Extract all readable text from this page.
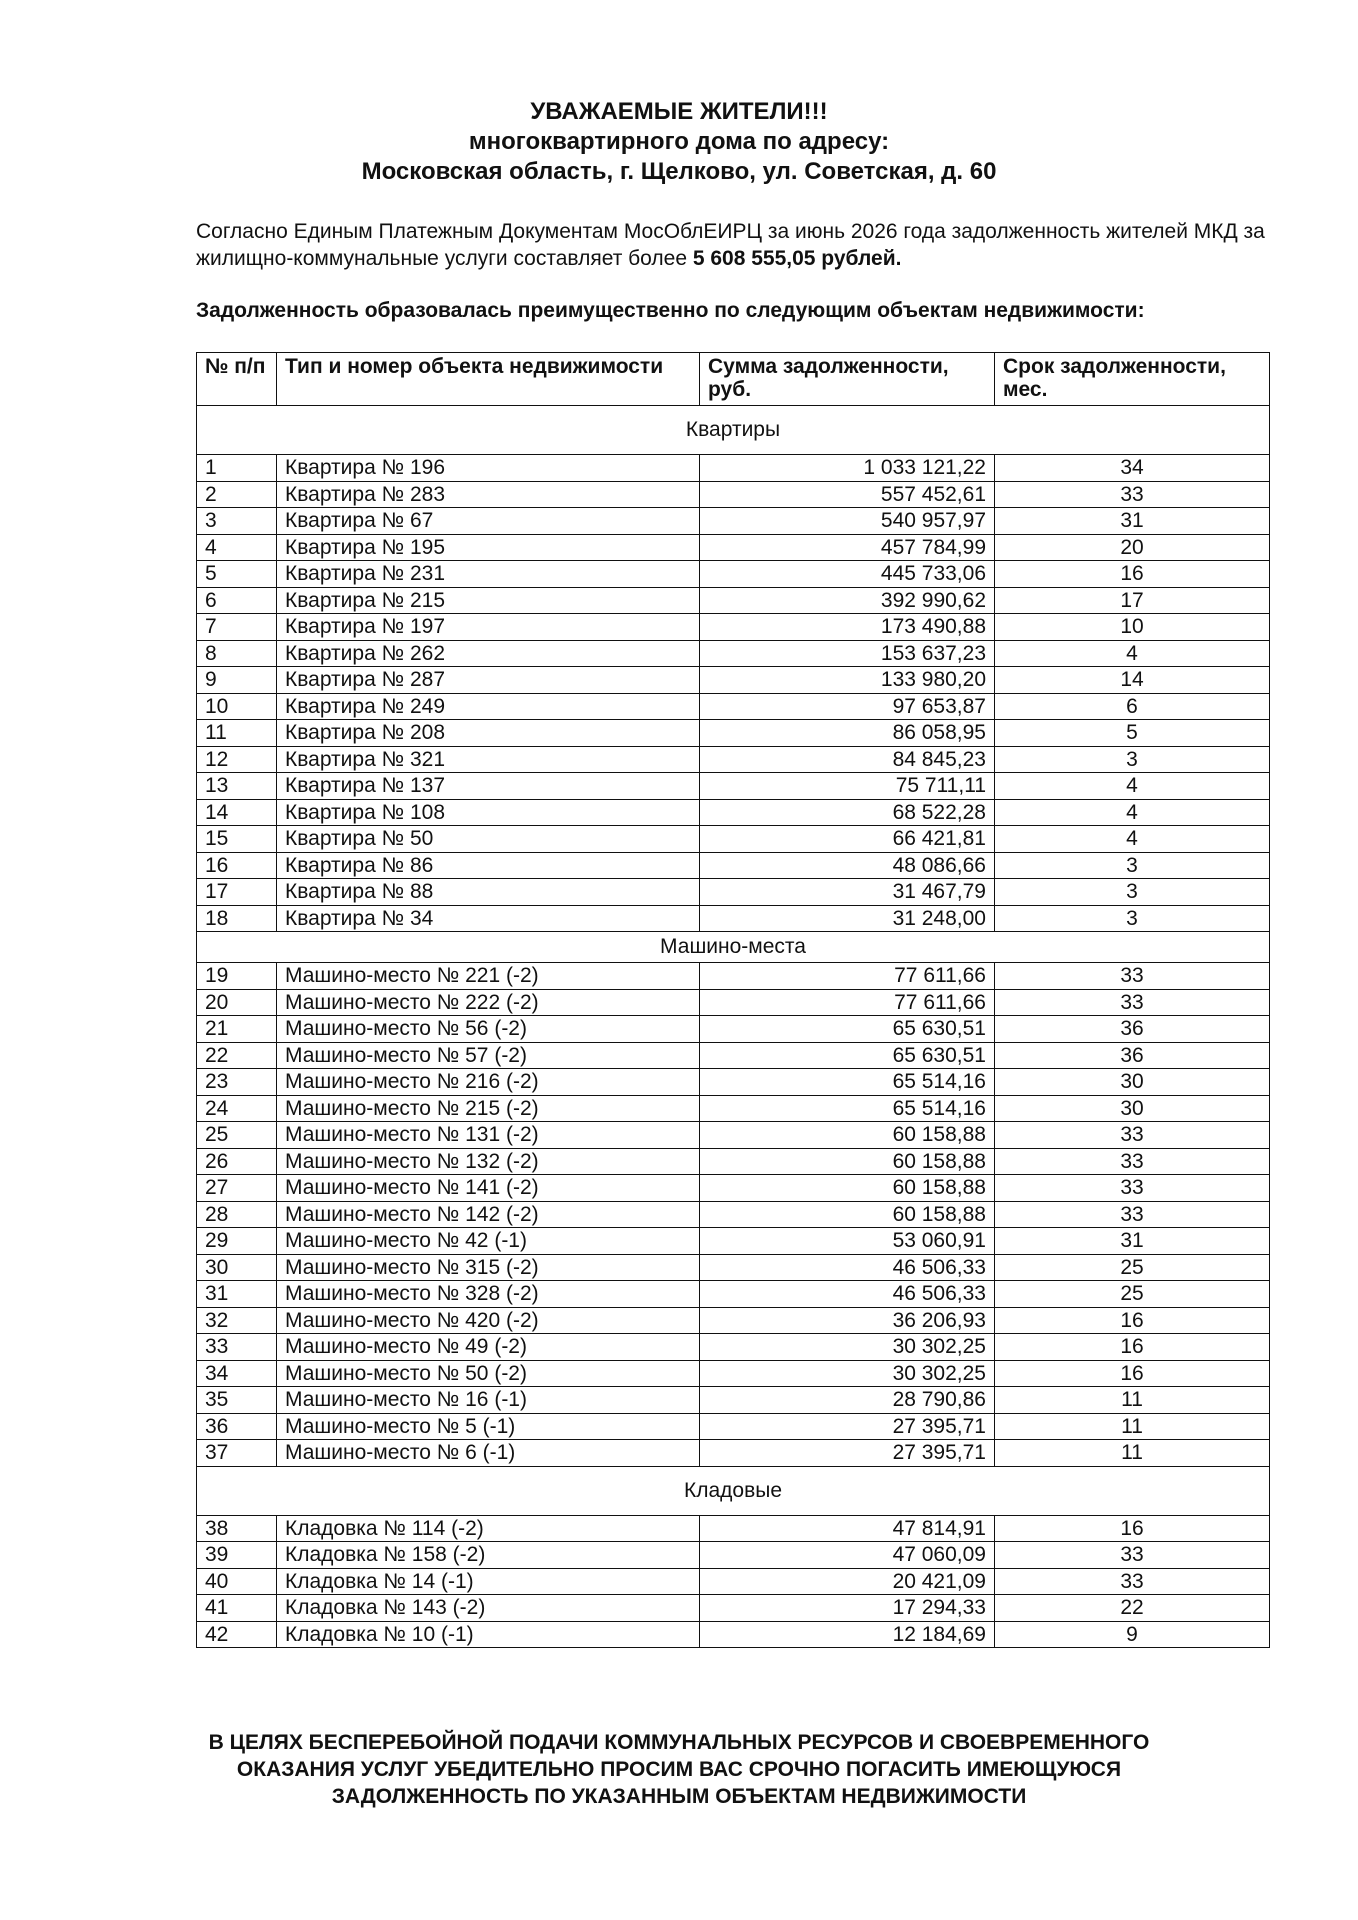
УВАЖАЕМЫЕ ЖИТЕЛИ!!!
многоквартирного дома по адресу:
Московская область, г. Щелково, ул. Советская, д. 60
Согласно Единым Платежным Документам МосОблЕИРЦ за июнь 2026 года задолженность жителей МКД за жилищно-коммунальные услуги составляет более 5 608 555,05 рублей.
Задолженность образовалась преимущественно по следующим объектам недвижимости:
№ п/п	Тип и номер объекта недвижимости	Сумма задолженности, руб.	Срок задолженности, мес.
Квартиры			
1	Квартира № 196	1 033 121,22	34
2	Квартира № 283	557 452,61	33
3	Квартира № 67	540 957,97	31
4	Квартира № 195	457 784,99	20
5	Квартира № 231	445 733,06	16
6	Квартира № 215	392 990,62	17
7	Квартира № 197	173 490,88	10
8	Квартира № 262	153 637,23	4
9	Квартира № 287	133 980,20	14
10	Квартира № 249	97 653,87	6
11	Квартира № 208	86 058,95	5
12	Квартира № 321	84 845,23	3
13	Квартира № 137	75 711,11	4
14	Квартира № 108	68 522,28	4
15	Квартира № 50	66 421,81	4
16	Квартира № 86	48 086,66	3
17	Квартира № 88	31 467,79	3
18	Квартира № 34	31 248,00	3
Машино-места			
19	Машино-место № 221 (-2)	77 611,66	33
20	Машино-место № 222 (-2)	77 611,66	33
21	Машино-место № 56 (-2)	65 630,51	36
22	Машино-место № 57 (-2)	65 630,51	36
23	Машино-место № 216 (-2)	65 514,16	30
24	Машино-место № 215 (-2)	65 514,16	30
25	Машино-место № 131 (-2)	60 158,88	33
26	Машино-место № 132 (-2)	60 158,88	33
27	Машино-место № 141 (-2)	60 158,88	33
28	Машино-место № 142 (-2)	60 158,88	33
29	Машино-место № 42 (-1)	53 060,91	31
30	Машино-место № 315 (-2)	46 506,33	25
31	Машино-место № 328 (-2)	46 506,33	25
32	Машино-место № 420 (-2)	36 206,93	16
33	Машино-место № 49 (-2)	30 302,25	16
34	Машино-место № 50 (-2)	30 302,25	16
35	Машино-место № 16 (-1)	28 790,86	11
36	Машино-место № 5 (-1)	27 395,71	11
37	Машино-место № 6 (-1)	27 395,71	11
Кладовые			
38	Кладовка № 114 (-2)	47 814,91	16
39	Кладовка № 158 (-2)	47 060,09	33
40	Кладовка № 14 (-1)	20 421,09	33
41	Кладовка № 143 (-2)	17 294,33	22
42	Кладовка № 10 (-1)	12 184,69	9
В ЦЕЛЯХ БЕСПЕРЕБОЙНОЙ ПОДАЧИ КОММУНАЛЬНЫХ РЕСУРСОВ И СВОЕВРЕМЕННОГО
ОКАЗАНИЯ УСЛУГ УБЕДИТЕЛЬНО ПРОСИМ ВАС СРОЧНО ПОГАСИТЬ ИМЕЮЩУЮСЯ
ЗАДОЛЖЕННОСТЬ ПО УКАЗАННЫМ ОБЪЕКТАМ НЕДВИЖИМОСТИ
